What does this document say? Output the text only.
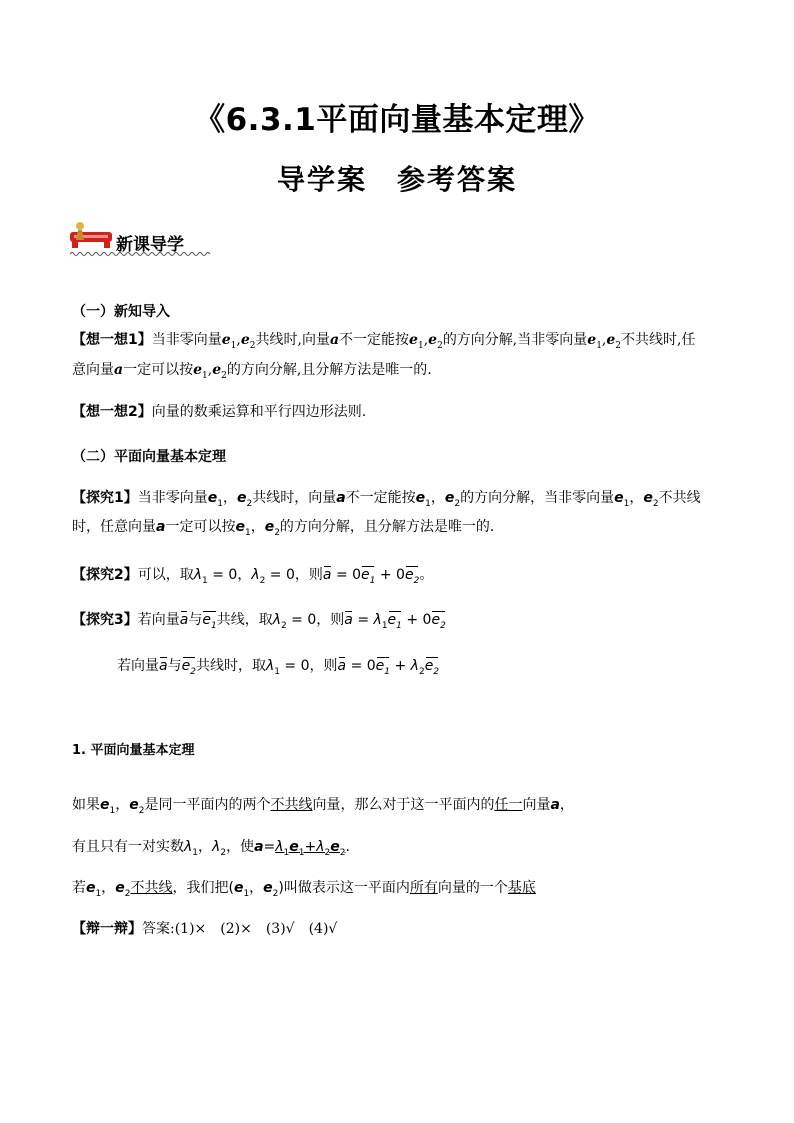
《6.3.1平面向量基本定理》
导学案　参考答案
新课导学
（一）新知导入
【想一想1】当非零向量$e_1,e_2$共线时,向量a不一定能按$e_1,e_2$的方向分解,当非零向量$e_1,e_2$不共线时,任
意向量a一定可以按$e_1,e_2$的方向分解,且分解方法是唯一的.
【想一想2】向量的数乘运算和平行四边形法则.
（二）平面向量基本定理
【探究1】当非零向量$e_1$，$e_2$共线时，向量a不一定能按$e_1$，$e_2$的方向分解，当非零向量$e_1$，$e_2$不共线
时，任意向量a一定可以按$e_1$，$e_2$的方向分解，且分解方法是唯一的．
【探究2】可以，取$\lambda_1 = 0$，$\lambda_2 = 0$，则$a = 0e_1 + 0e_2$。
【探究3】若向量a与$e_1$共线，取$\lambda_2 = 0$，则$a = \lambda_1e_1 + 0e_2$
若向量a与$e_2$共线时，取$\lambda_1 = 0$，则$a = 0e_1 + \lambda_2e_2$
1. 平面向量基本定理
如果$e_1$，$e_2$是同一平面内的两个不共线向量，那么对于这一平面内的任一向量a，
有且只有一对实数$\lambda_1$，$\lambda_2$，使$a=\lambda_1e_1+\lambda_2e_2$.
若$e_1$，$e_2$不共线，我们把($e_1$，$e_2$)叫做表示这一平面内所有向量的一个基底
【辩一辩】答案:(1)×　(2)×　(3)√　(4)√
